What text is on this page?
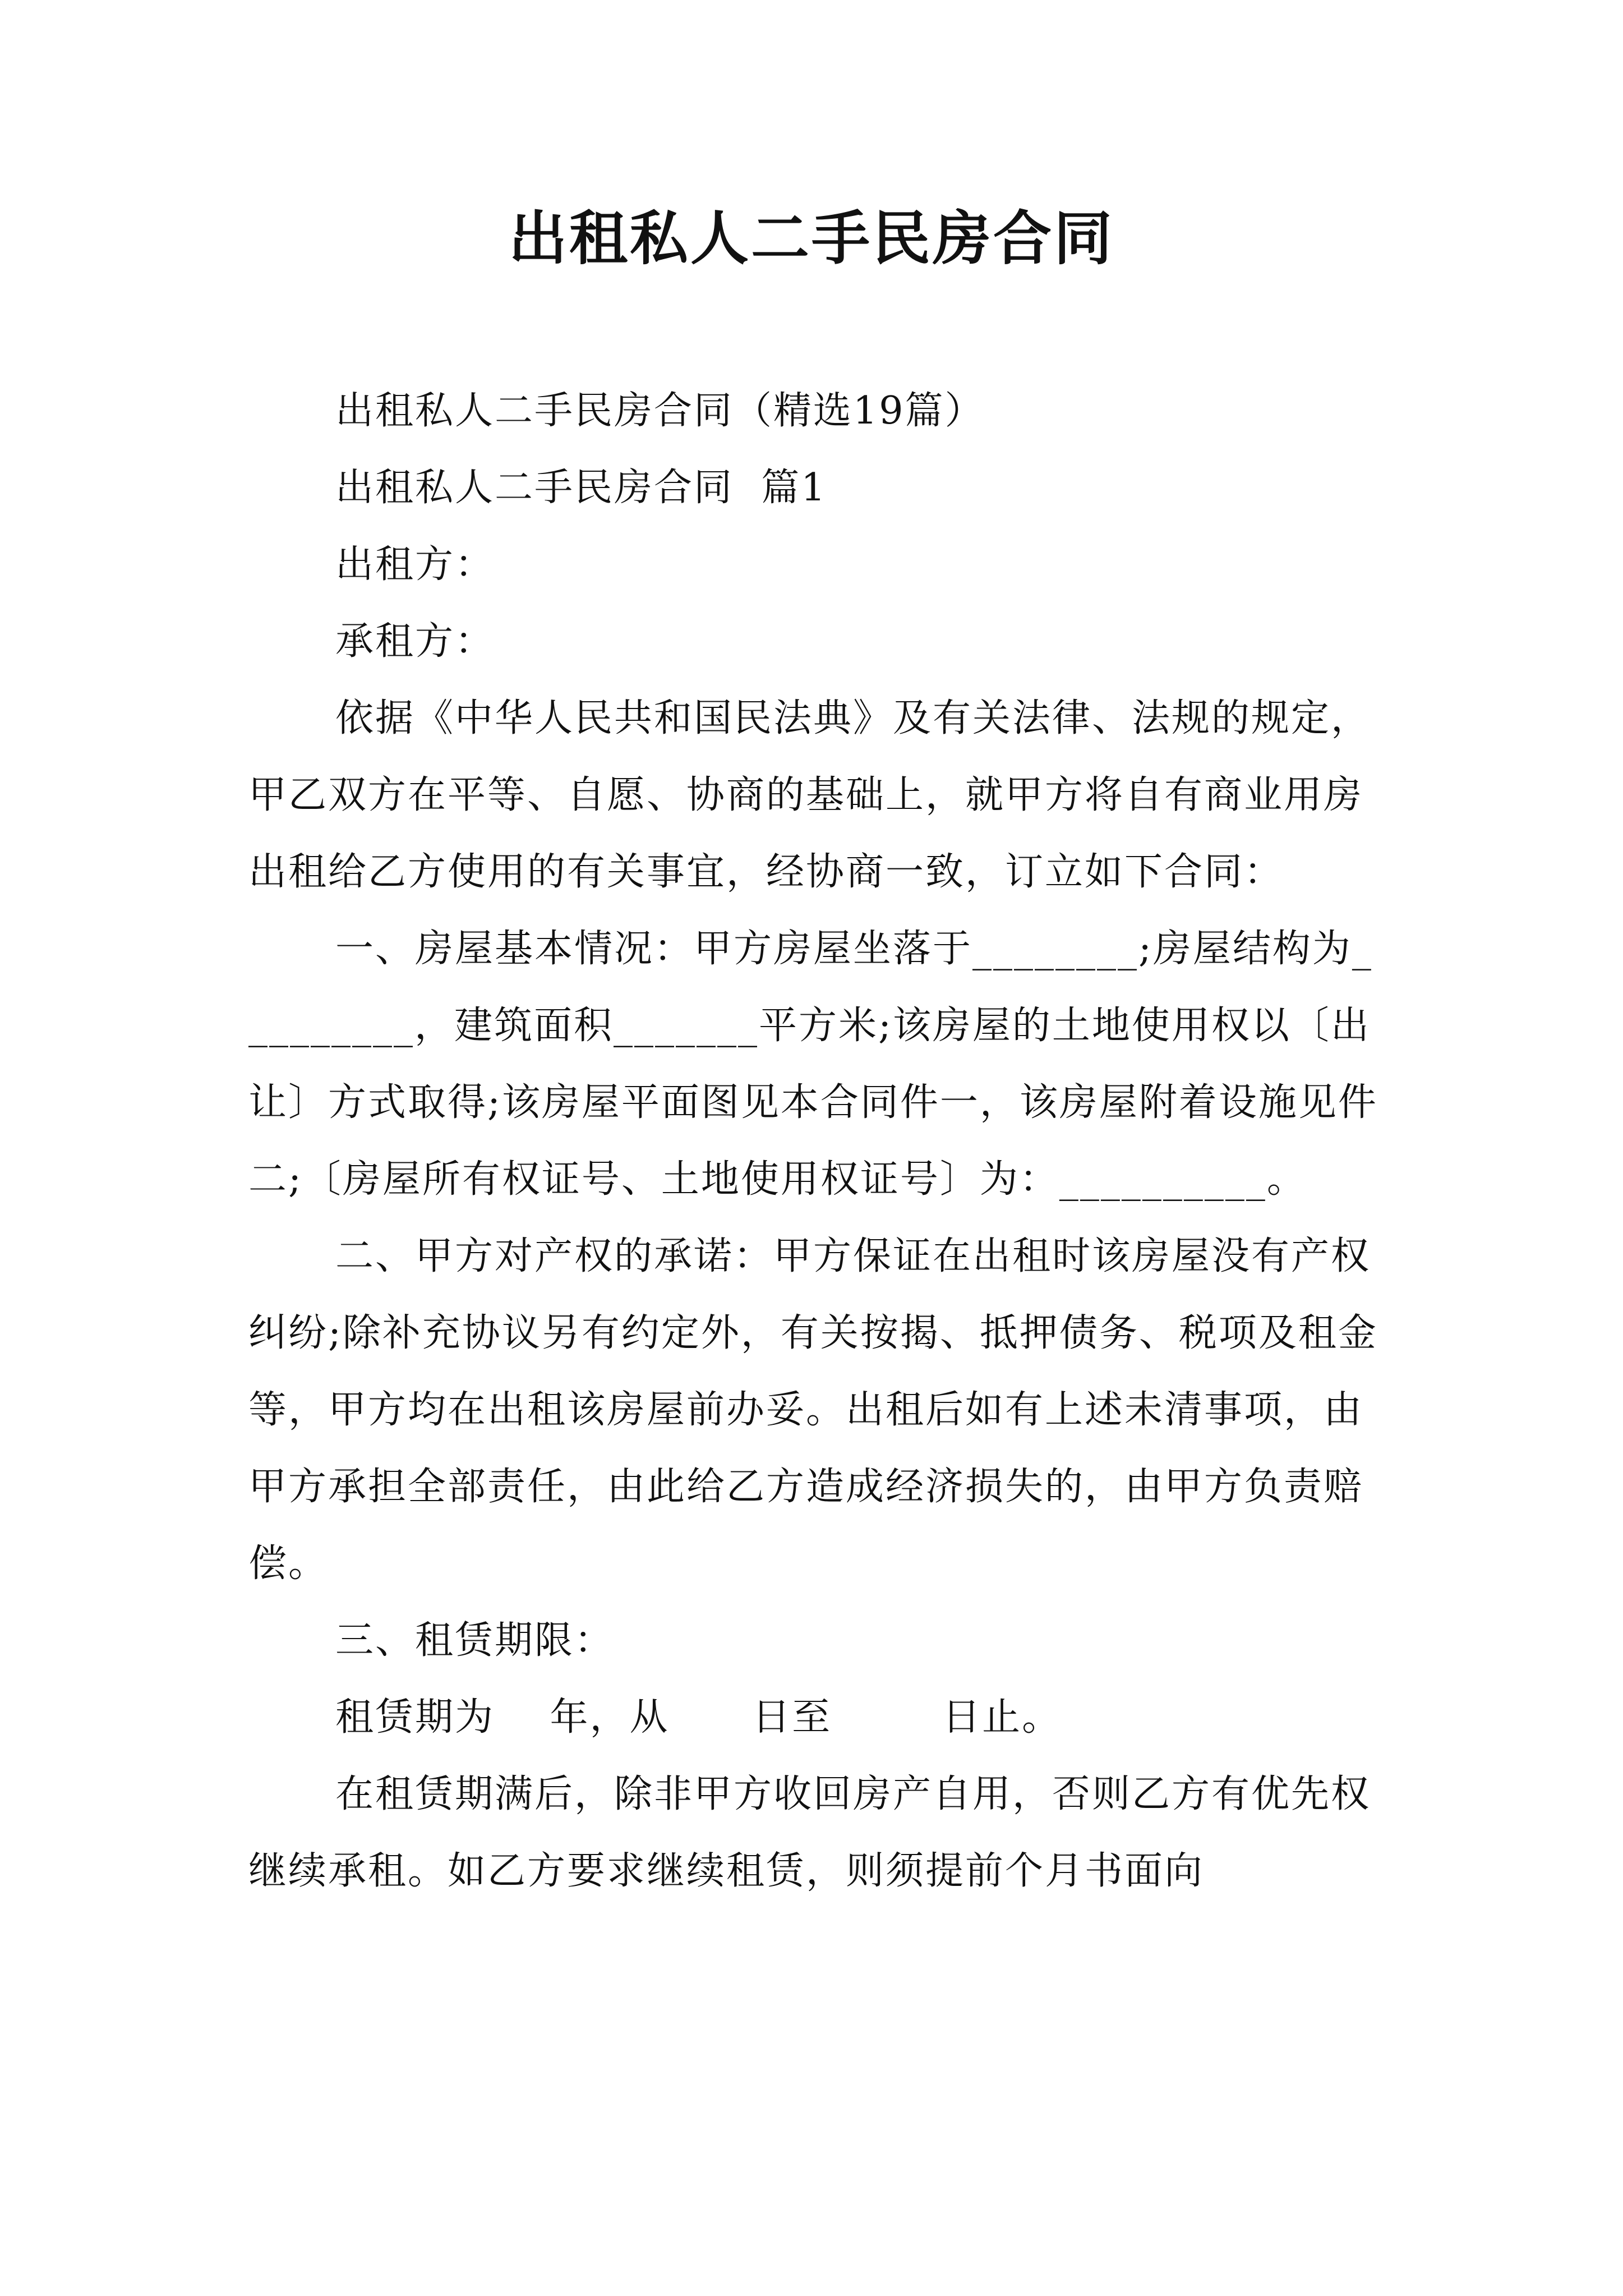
出租私人二手民房合同

出租私人二手民房合同（精选19篇）

出租私人二手民房合同  篇1

出租方：

承租方：

依据《中华人民共和国民法典》及有关法律、法规的规定，甲乙双方在平等、自愿、协商的基础上，就甲方将自有商业用房出租给乙方使用的有关事宜，经协商一致，订立如下合同：

一、房屋基本情况：甲方房屋坐落于________;房屋结构为_________，建筑面积_______平方米;该房屋的土地使用权以〔出让〕方式取得;该房屋平面图见本合同件一，该房屋附着设施见件二;〔房屋所有权证号、土地使用权证号〕为：__________。

二、甲方对产权的承诺：甲方保证在出租时该房屋没有产权纠纷;除补充协议另有约定外，有关按揭、抵押债务、税项及租金等，甲方均在出租该房屋前办妥。出租后如有上述未清事项，由甲方承担全部责任，由此给乙方造成经济损失的，由甲方负责赔偿。

三、租赁期限：

租赁期为    年，从      日至        日止。

在租赁期满后，除非甲方收回房产自用，否则乙方有优先权继续承租。如乙方要求继续租赁，则须提前个月书面向
